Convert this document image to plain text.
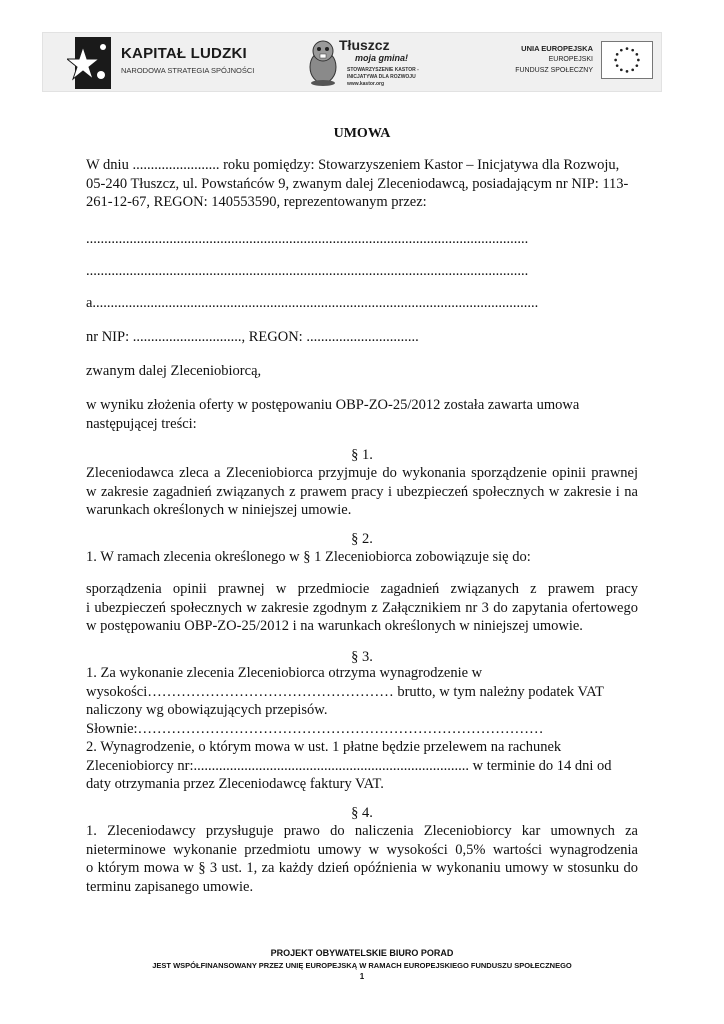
KAPITAŁ LUDZKI
NARODOWA STRATEGIA SPÓJNOŚCI
Tłuszcz
moja gmina!
STOWARZYSZENIE KASTOR -
INICJATYWA DLA ROZWOJU
www.kastor.org
UNIA EUROPEJSKA
EUROPEJSKI
FUNDUSZ SPOŁECZNY
UMOWA
W dniu ........................ roku pomiędzy: Stowarzyszeniem Kastor – Inicjatywa dla Rozwoju,
05-240 Tłuszcz, ul. Powstańców 9, zwanym dalej Zleceniodawcą, posiadającym nr NIP: 113-
261-12-67, REGON: 140553590, reprezentowanym przez:
..........................................................................................................................
..........................................................................................................................
a...........................................................................................................................
nr NIP: .............................., REGON: ...............................
zwanym dalej Zleceniobiorcą,
w wyniku złożenia oferty w postępowaniu OBP-ZO-25/2012 została zawarta umowa
następującej treści:
§ 1.
Zleceniodawca zleca a Zleceniobiorca przyjmuje do wykonania sporządzenie opinii prawnej
w zakresie zagadnień związanych z prawem pracy i ubezpieczeń społecznych w zakresie i na
warunkach określonych w niniejszej umowie.
§ 2.
1. W ramach zlecenia określonego w § 1 Zleceniobiorca zobowiązuje się do:
sporządzenia opinii prawnej w przedmiocie zagadnień związanych z prawem pracy
i ubezpieczeń społecznych w zakresie zgodnym z Załącznikiem nr 3 do zapytania ofertowego
w postępowaniu OBP-ZO-25/2012 i na warunkach określonych w niniejszej umowie.
§ 3.
1. Za wykonanie zlecenia Zleceniobiorca otrzyma wynagrodzenie w
wysokości…………………………………………… brutto, w tym należny podatek VAT
naliczony wg obowiązujących przepisów.
Słownie:…………………………………………………………………………
2. Wynagrodzenie, o którym mowa w ust. 1 płatne będzie przelewem na rachunek
Zleceniobiorcy nr:............................................................................ w terminie do 14 dni od
daty otrzymania przez Zleceniodawcę faktury VAT.
§ 4.
1. Zleceniodawcy przysługuje prawo do naliczenia Zleceniobiorcy kar umownych za
nieterminowe wykonanie przedmiotu umowy w wysokości 0,5% wartości wynagrodzenia
o którym mowa w § 3 ust. 1, za każdy dzień opóźnienia w wykonaniu umowy w stosunku do
terminu zapisanego umowie.
PROJEKT OBYWATELSKIE BIURO PORAD
JEST WSPÓŁFINANSOWANY PRZEZ UNIĘ EUROPEJSKĄ W RAMACH EUROPEJSKIEGO FUNDUSZU SPOŁECZNEGO
1
